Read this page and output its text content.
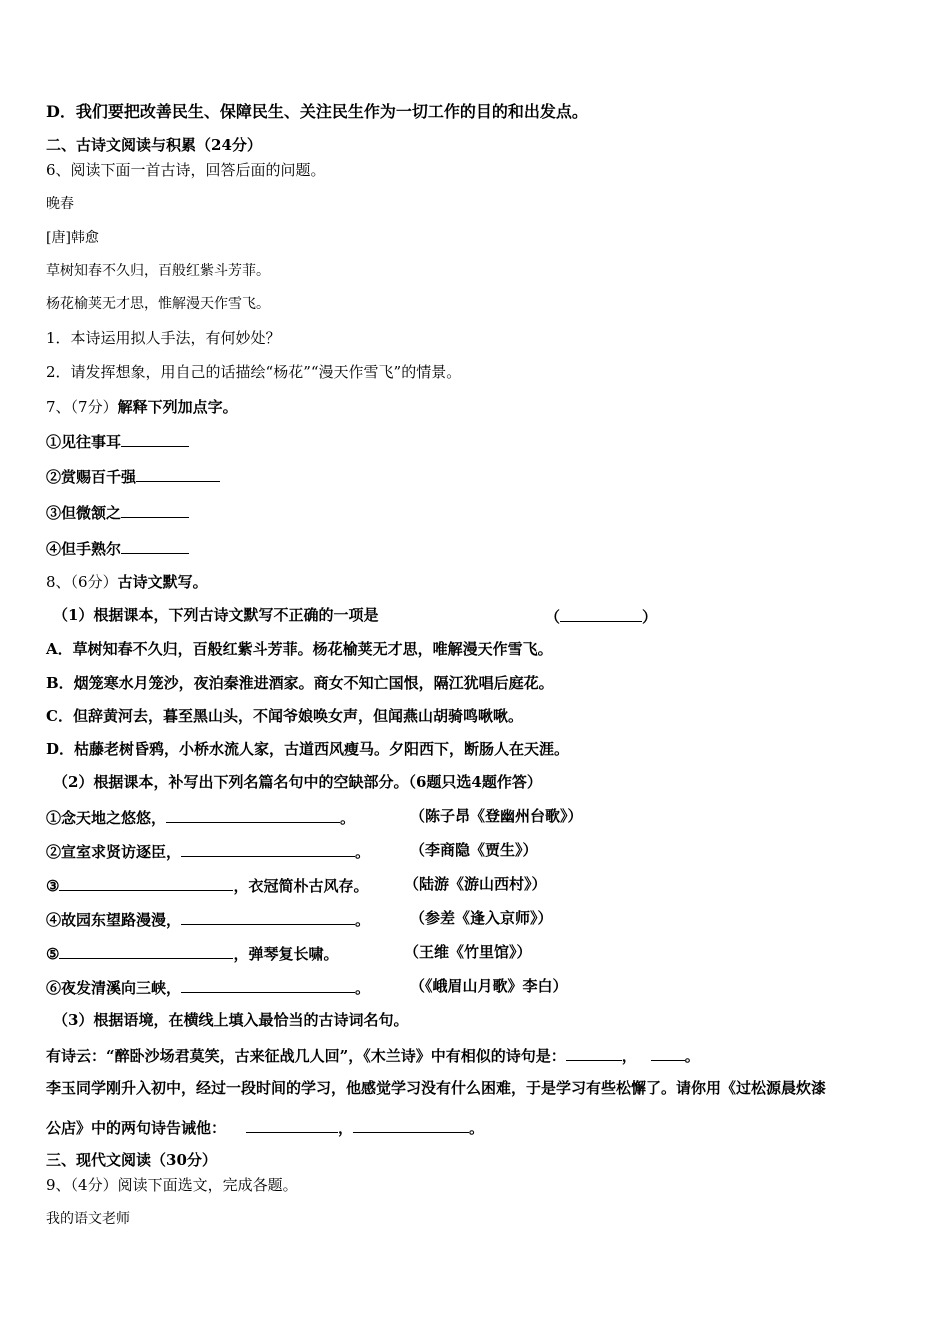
D．我们要把改善民生、保障民生、关注民生作为一切工作的目的和出发点。
二、古诗文阅读与积累（24分）
6、阅读下面一首古诗，回答后面的问题。
晚春
[唐]韩愈
草树知春不久归，百般红紫斗芳菲。
杨花榆荚无才思，惟解漫天作雪飞。
1．本诗运用拟人手法，有何妙处？
2．请发挥想象，用自己的话描绘“杨花”“漫天作雪飞”的情景。
7、（7分）解释下列加点字。
①见往事耳
②赏赐百千强
③但微颔之
④但手熟尔
8、（6分）古诗文默写。
（1）根据课本，下列古诗文默写不正确的一项是	（	）
A．草树知春不久归，百般红紫斗芳菲。杨花榆荚无才思，唯解漫天作雪飞。
B．烟笼寒水月笼沙，夜泊秦淮进酒家。商女不知亡国恨，隔江犹唱后庭花。
C．但辞黄河去，暮至黑山头，不闻爷娘唤女声，但闻燕山胡骑鸣啾啾。
D．枯藤老树昏鸦，小桥水流人家，古道西风瘦马。夕阳西下，断肠人在天涯。
（2）根据课本，补写出下列名篇名句中的空缺部分。（6题只选4题作答）
①念天地之悠悠，	。	（陈子昂《登幽州台歌》）
②宣室求贤访逐臣，	。	（李商隐《贾生》）
③	，衣冠简朴古风存。 （陆游《游山西村》）
④故园东望路漫漫，	。	（参差《逢入京师》）
⑤	，弹琴复长啸。	（王维《竹里馆》）
⑥夜发清溪向三峡，	。	（《峨眉山月歌》李白）
（3）根据语境，在横线上填入最恰当的古诗词名句。
有诗云：“醉卧沙场君莫笑，古来征战几人回”，《木兰诗》中有相似的诗句是：	，	。
李玉同学刚升入初中，经过一段时间的学习，他感觉学习没有什么困难，于是学习有些松懈了。请你用《过松源晨炊漆
公店》中的两句诗告诫他：	，	。
三、现代文阅读（30分）
9、（4分）阅读下面选文，完成各题。
我的语文老师
